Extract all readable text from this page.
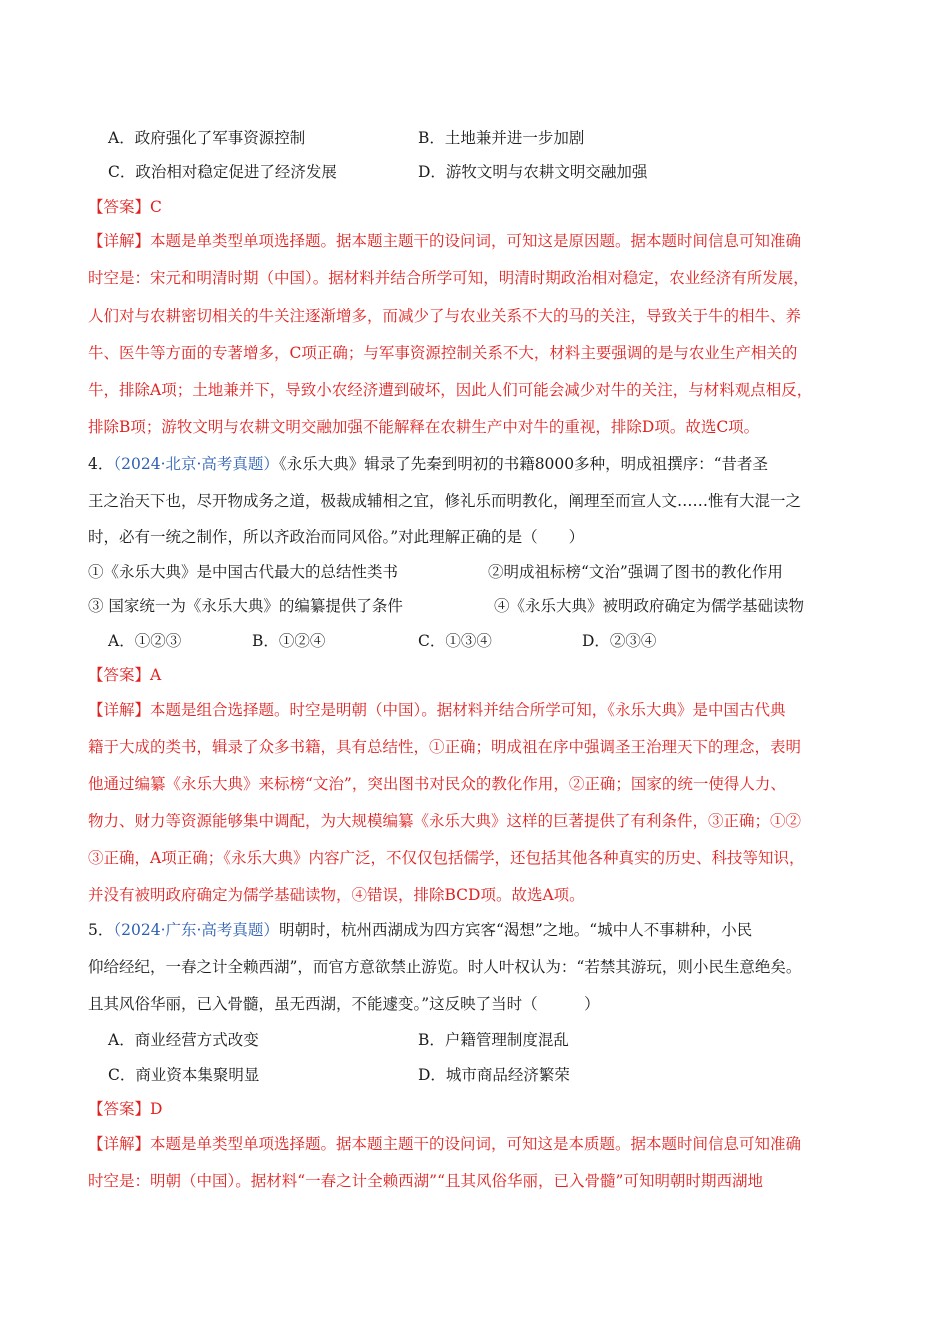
A．政府强化了军事资源控制	B．土地兼并进一步加剧
C．政治相对稳定促进了经济发展	D．游牧文明与农耕文明交融加强
【答案】C
【详解】本题是单类型单项选择题。据本题主题干的设问词，可知这是原因题。据本题时间信息可知准确
时空是：宋元和明清时期（中国）。据材料并结合所学可知，明清时期政治相对稳定，农业经济有所发展，
人们对与农耕密切相关的牛关注逐渐增多，而减少了与农业关系不大的马的关注，导致关于牛的相牛、养
牛、医牛等方面的专著增多，C项正确；与军事资源控制关系不大，材料主要强调的是与农业生产相关的
牛，排除A项；土地兼并下，导致小农经济遭到破坏，因此人们可能会减少对牛的关注，与材料观点相反，
排除B项；游牧文明与农耕文明交融加强不能解释在农耕生产中对牛的重视，排除D项。故选C项。
4．（2024·北京·高考真题）《永乐大典》辑录了先秦到明初的书籍8000多种，明成祖撰序：“昔者圣
王之治天下也，尽开物成务之道，极裁成辅相之宜，修礼乐而明教化，阐理至而宣人文……惟有大混一之
时，必有一统之制作，所以齐政治而同风俗。”对此理解正确的是（　　）
①《永乐大典》是中国古代最大的总结性类书	②明成祖标榜“文治”强调了图书的教化作用
③ 国家统一为《永乐大典》的编纂提供了条件	④《永乐大典》被明政府确定为儒学基础读物
A．①②③	B．①②④	C．①③④	D．②③④
【答案】A
【详解】本题是组合选择题。时空是明朝（中国）。据材料并结合所学可知，《永乐大典》是中国古代典
籍于大成的类书，辑录了众多书籍，具有总结性，①正确；明成祖在序中强调圣王治理天下的理念，表明
他通过编纂《永乐大典》来标榜“文治”，突出图书对民众的教化作用，②正确；国家的统一使得人力、
物力、财力等资源能够集中调配，为大规模编纂《永乐大典》这样的巨著提供了有利条件，③正确；①②
③正确，A项正确；《永乐大典》内容广泛，不仅仅包括儒学，还包括其他各种真实的历史、科技等知识，
并没有被明政府确定为儒学基础读物，④错误，排除BCD项。故选A项。
5．（2024·广东·高考真题）明朝时，杭州西湖成为四方宾客“渴想”之地。“城中人不事耕种，小民
仰给经纪，一春之计全赖西湖”，而官方意欲禁止游览。时人叶权认为：“若禁其游玩，则小民生意绝矣。
且其风俗华丽，已入骨髓，虽无西湖，不能遽变。”这反映了当时（　　　）
A．商业经营方式改变	B．户籍管理制度混乱
C．商业资本集聚明显	D．城市商品经济繁荣
【答案】D
【详解】本题是单类型单项选择题。据本题主题干的设问词，可知这是本质题。据本题时间信息可知准确
时空是：明朝（中国）。据材料“一春之计全赖西湖”“且其风俗华丽，已入骨髓”可知明朝时期西湖地
